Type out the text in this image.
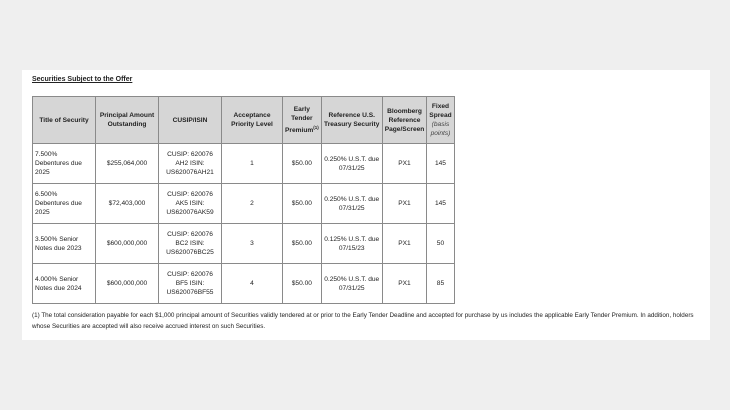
Securities Subject to the Offer
Title of Security	Principal Amount Outstanding	CUSIP/ISIN	Acceptance Priority Level	Early Tender Premium$^{(1)}$	Reference U.S. Treasury Security	Bloomberg Reference Page/Screen	Fixed Spread
(basis points)
7.500% Debentures due 2025	$255,064,000	CUSIP: 620076 AH2 ISIN: US620076AH21	1	$50.00	0.250% U.S.T. due 07/31/25	PX1	145
6.500% Debentures due 2025	$72,403,000	CUSIP: 620076 AK5 ISIN: US620076AK59	2	$50.00	0.250% U.S.T. due 07/31/25	PX1	145
3.500% Senior Notes due 2023	$600,000,000	CUSIP: 620076 BC2 ISIN: US620076BC25	3	$50.00	0.125% U.S.T. due 07/15/23	PX1	50
4.000% Senior Notes due 2024	$600,000,000	CUSIP: 620076 BF5 ISIN: US620076BF55	4	$50.00	0.250% U.S.T. due 07/31/25	PX1	85
(1) The total consideration payable for each $1,000 principal amount of Securities validly tendered at or prior to the Early Tender Deadline and accepted for purchase by us includes the applicable Early Tender Premium. In addition, holders whose Securities are accepted will also receive accrued interest on such Securities.
